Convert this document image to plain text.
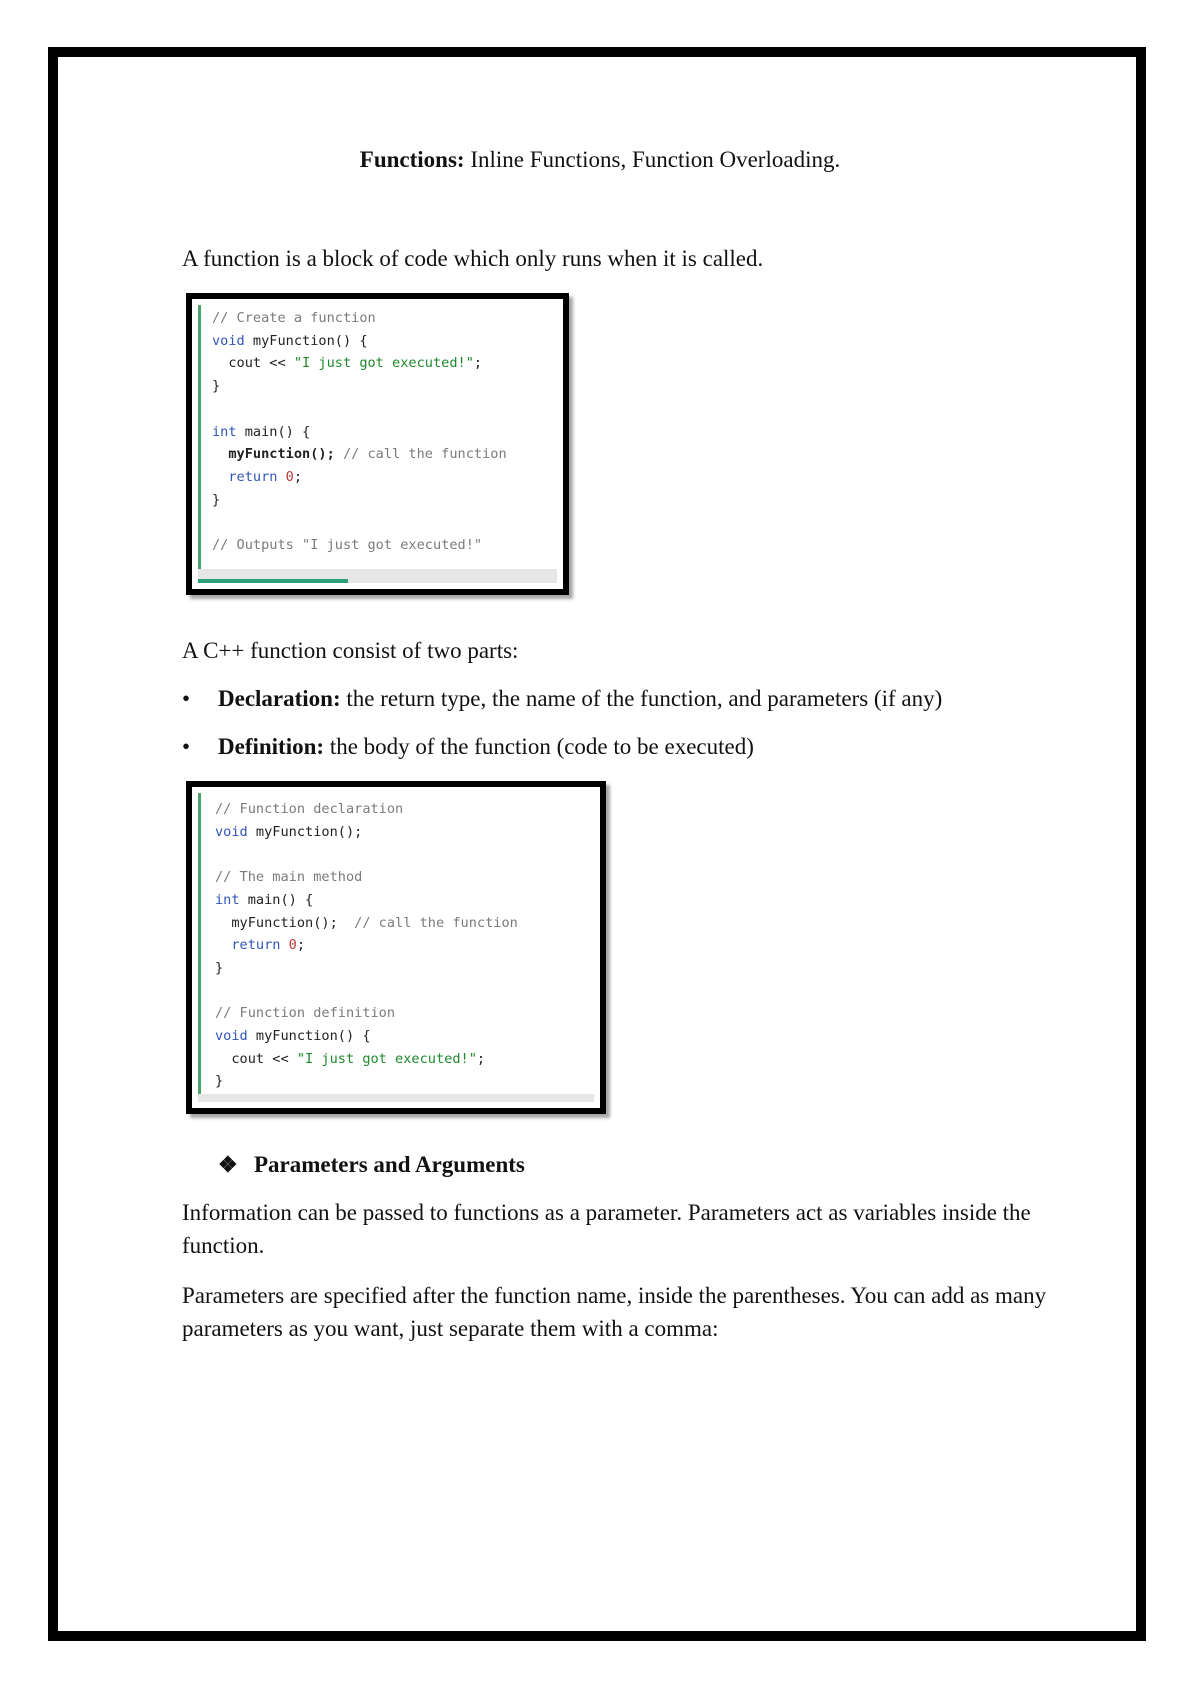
Functions: Inline Functions, Function Overloading.
A function is a block of code which only runs when it is called.
// Create a function
void myFunction() {
cout << "I just got executed!";
}

int main() {
myFunction(); // call the function
return 0;
}

// Outputs "I just got executed!"
A C++ function consist of two parts:
• Declaration: the return type, the name of the function, and parameters (if any)
• Definition: the body of the function (code to be executed)
// Function declaration
void myFunction();

// The main method
int main() {
myFunction();  // call the function
return 0;
}

// Function definition
void myFunction() {
cout << "I just got executed!";
}
❖ Parameters and Arguments
Information can be passed to functions as a parameter. Parameters act as variables inside the function.
Parameters are specified after the function name, inside the parentheses. You can add as many parameters as you want, just separate them with a comma:
